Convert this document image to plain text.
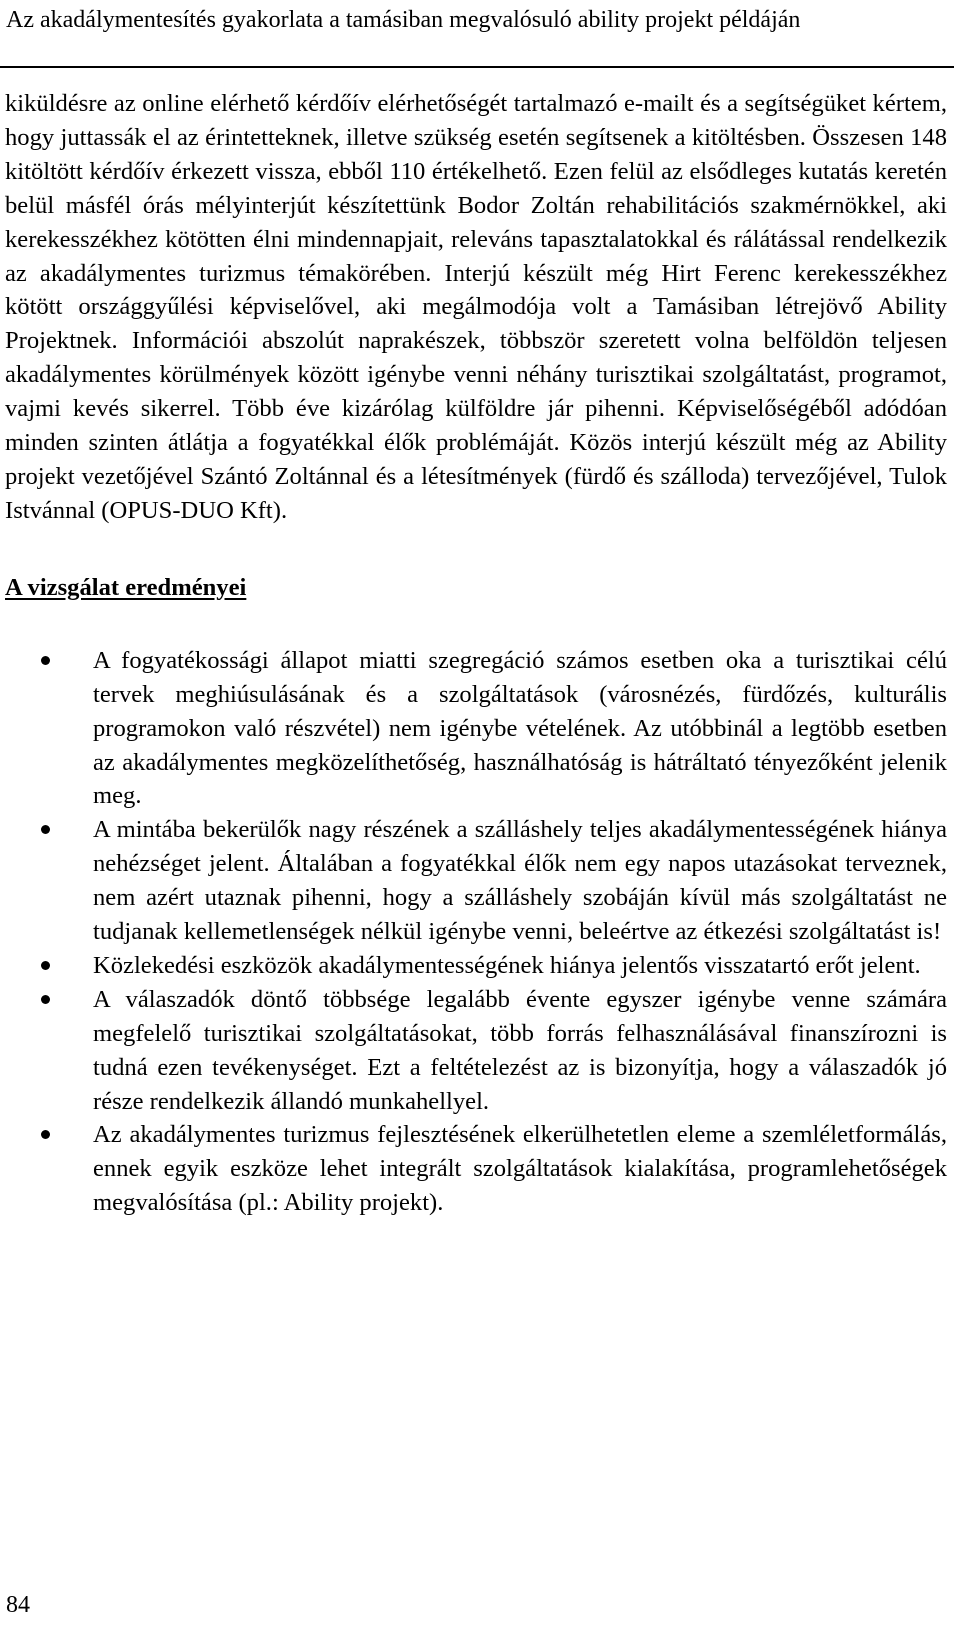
Az akadálymentesítés gyakorlata a tamásiban megvalósuló ability projekt példáján

kiküldésre az online elérhető kérdőív elérhetőségét tartalmazó e-mailt és a segítségüket kértem, hogy juttassák el az érintetteknek, illetve szükség esetén segítsenek a kitöltésben. Összesen 148 kitöltött kérdőív érkezett vissza, ebből 110 értékelhető. Ezen felül az elsődleges kutatás keretén belül másfél órás mélyinterjút készítettünk Bodor Zoltán rehabilitációs szakmérnökkel, aki kerekesszékhez kötötten élni mindennapjait, releváns tapasztalatokkal és rálátással rendelkezik az akadálymentes turizmus témakörében. Interjú készült még Hirt Ferenc kerekesszékhez kötött országgyűlési képviselővel, aki megálmodója volt a Tamásiban létrejövő Ability Projektnek. Információi abszolút naprakészek, többször szeretett volna belföldön teljesen akadálymentes körülmények között igénybe venni néhány turisztikai szolgáltatást, programot, vajmi kevés sikerrel. Több éve kizárólag külföldre jár pihenni. Képviselőségéből adódóan minden szinten átlátja a fogyatékkal élők problémáját. Közös interjú készült még az Ability projekt vezetőjével Szántó Zoltánnal és a létesítmények (fürdő és szálloda) tervezőjével, Tulok Istvánnal (OPUS-DUO Kft).

A vizsgálat eredményei

A fogyatékossági állapot miatti szegregáció számos esetben oka a turisztikai célú tervek meghiúsulásának és a szolgáltatások (városnézés, fürdőzés, kulturális programokon való részvétel) nem igénybe vételének. Az utóbbinál a legtöbb esetben az akadálymentes megközelíthetőség, használhatóság is hátráltató tényezőként jelenik meg.

A mintába bekerülők nagy részének a szálláshely teljes akadálymentességének hiánya nehézséget jelent. Általában a fogyatékkal élők nem egy napos utazásokat terveznek, nem azért utaznak pihenni, hogy a szálláshely szobáján kívül más szolgáltatást ne tudjanak kellemetlenségek nélkül igénybe venni, beleértve az étkezési szolgáltatást is!

Közlekedési eszközök akadálymentességének hiánya jelentős visszatartó erőt jelent.

A válaszadók döntő többsége legalább évente egyszer igénybe venne számára megfelelő turisztikai szolgáltatásokat, több forrás felhasználásával finanszírozni is tudná ezen tevékenységet. Ezt a feltételezést az is bizonyítja, hogy a válaszadók jó része rendelkezik állandó munkahellyel.

Az akadálymentes turizmus fejlesztésének elkerülhetetlen eleme a szemléletformálás, ennek egyik eszköze lehet integrált szolgáltatások kialakítása, programlehetőségek megvalósítása (pl.: Ability projekt).

84
